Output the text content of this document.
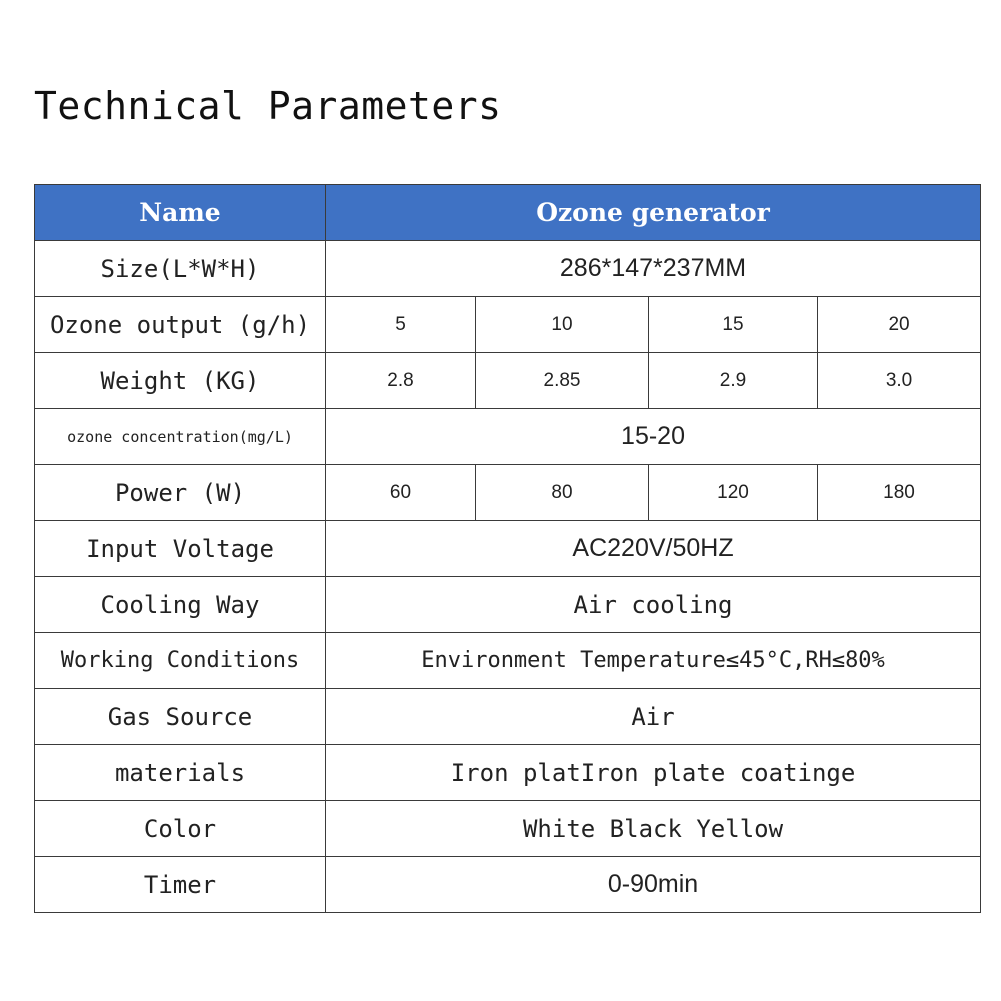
Technical Parameters
Name	Ozone generator			
Size(L*W*H)	286*147*237MM			
Ozone output (g/h)	5	10	15	20
Weight (KG)	2.8	2.85	2.9	3.0
ozone concentration(mg/L)	15-20			
Power (W)	60	80	120	180
Input Voltage	AC220V/50HZ			
Cooling Way	Air cooling			
Working Conditions	Environment Temperature≤45°C,RH≤80%			
Gas Source	Air			
materials	Iron platIron plate coatinge			
Color	White Black Yellow			
Timer	0-90min			
